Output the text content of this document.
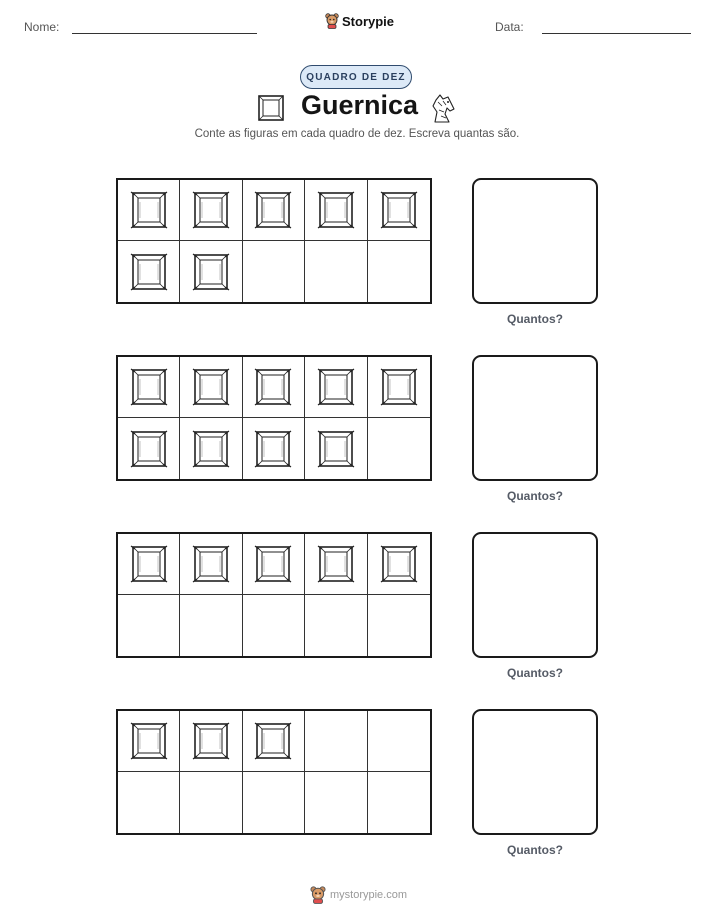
Nome:	Storypie	Data:
QUADRO DE DEZ
Guernica
Conte as figuras em cada quadro de dez. Escreva quantas são.
Quantos?
Quantos?
Quantos?
Quantos?
mystorypie.com
